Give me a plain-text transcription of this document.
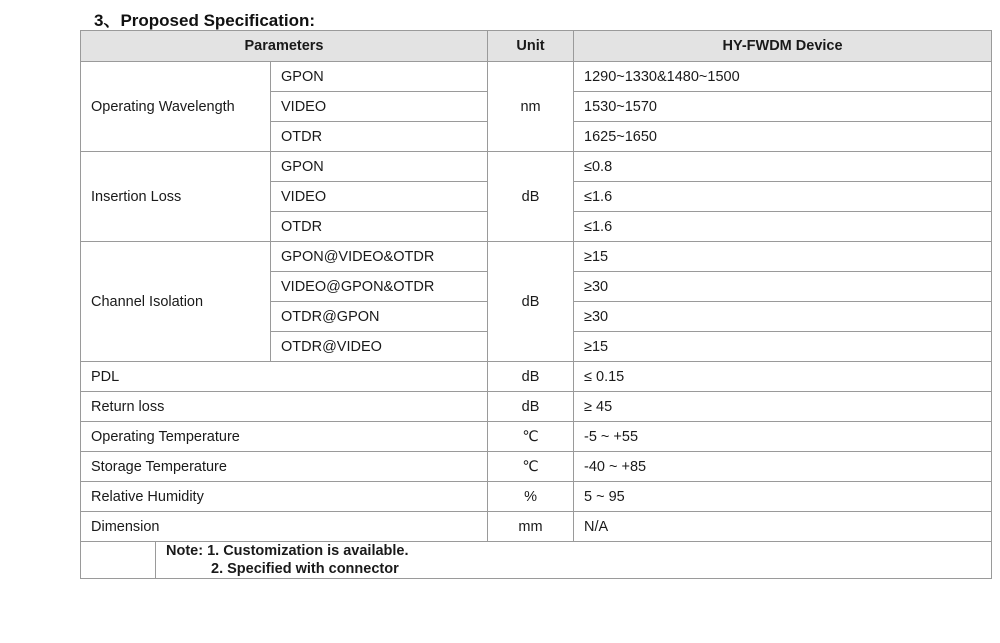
3、Proposed Specification:
Parameters			Unit	HY-FWDM Device
Operating Wavelength		GPON	nm	1290~1330&1480~1500
		VIDEO		1530~1570
		OTDR		1625~1650
Insertion Loss		GPON	dB	≤0.8
		VIDEO		≤1.6
		OTDR		≤1.6
Channel Isolation		GPON@VIDEO&OTDR	dB	≥15
		VIDEO@GPON&OTDR		≥30
		OTDR@GPON		≥30
		OTDR@VIDEO		≥15
PDL			dB	≤ 0.15
Return loss			dB	≥ 45
Operating Temperature			℃	-5 ~ +55
Storage Temperature			℃	-40 ~ +85
Relative Humidity			%	5 ~ 95
Dimension			mm	N/A
	Note: 1. Customization is available.
2. Specified with connector			
